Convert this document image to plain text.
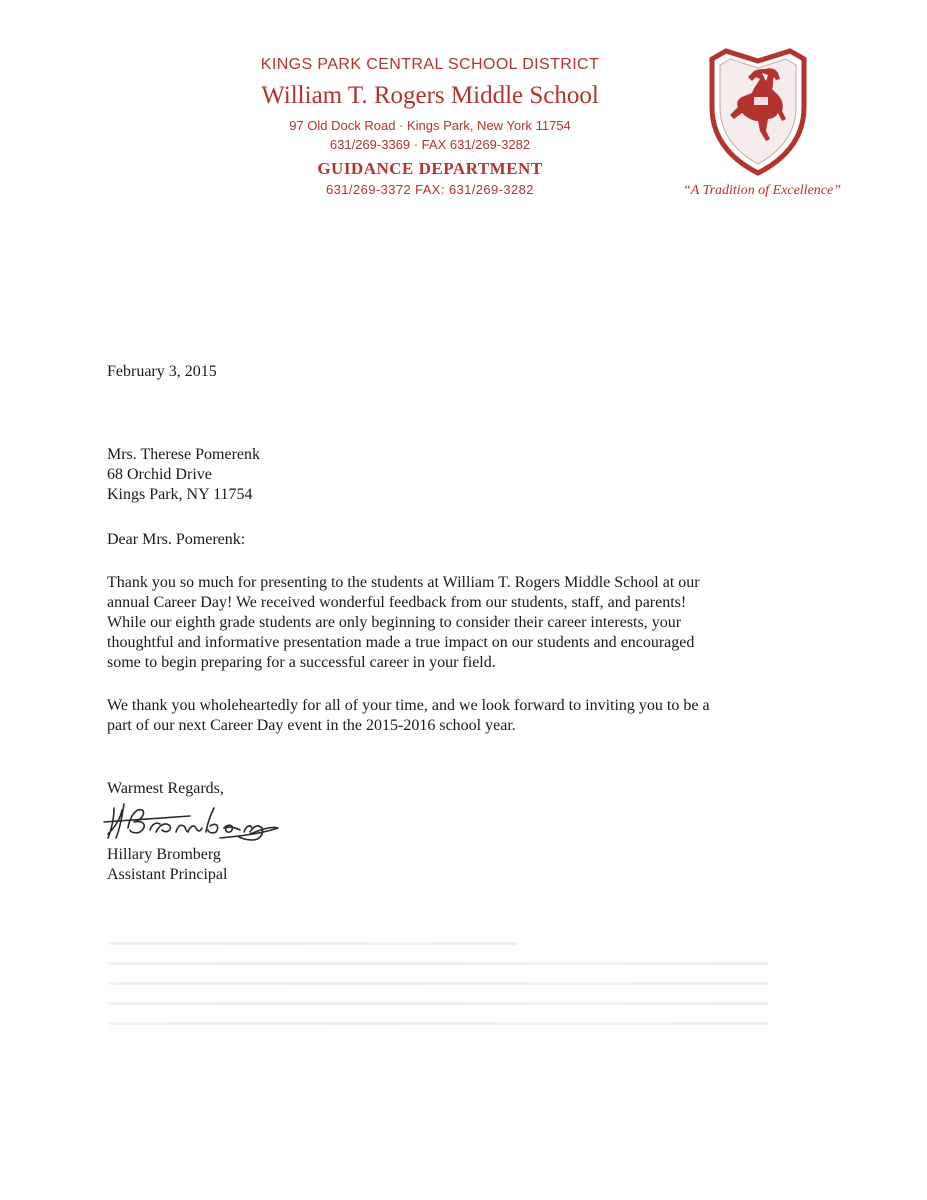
KINGS PARK CENTRAL SCHOOL DISTRICT
William T. Rogers Middle School
97 Old Dock Road · Kings Park, New York 11754
631/269-3369 · FAX 631/269-3282
GUIDANCE DEPARTMENT
631/269-3372 FAX: 631/269-3282	“A Tradition of Excellence”
February 3, 2015
Mrs. Therese Pomerenk
68 Orchid Drive
Kings Park, NY 11754
Dear Mrs. Pomerenk:
Thank you so much for presenting to the students at William T. Rogers Middle School at our
annual Career Day! We received wonderful feedback from our students, staff, and parents!
While our eighth grade students are only beginning to consider their career interests, your
thoughtful and informative presentation made a true impact on our students and encouraged
some to begin preparing for a successful career in your field.
We thank you wholeheartedly for all of your time, and we look forward to inviting you to be a
part of our next Career Day event in the 2015-2016 school year.
Warmest Regards,
Hillary Bromberg
Assistant Principal
